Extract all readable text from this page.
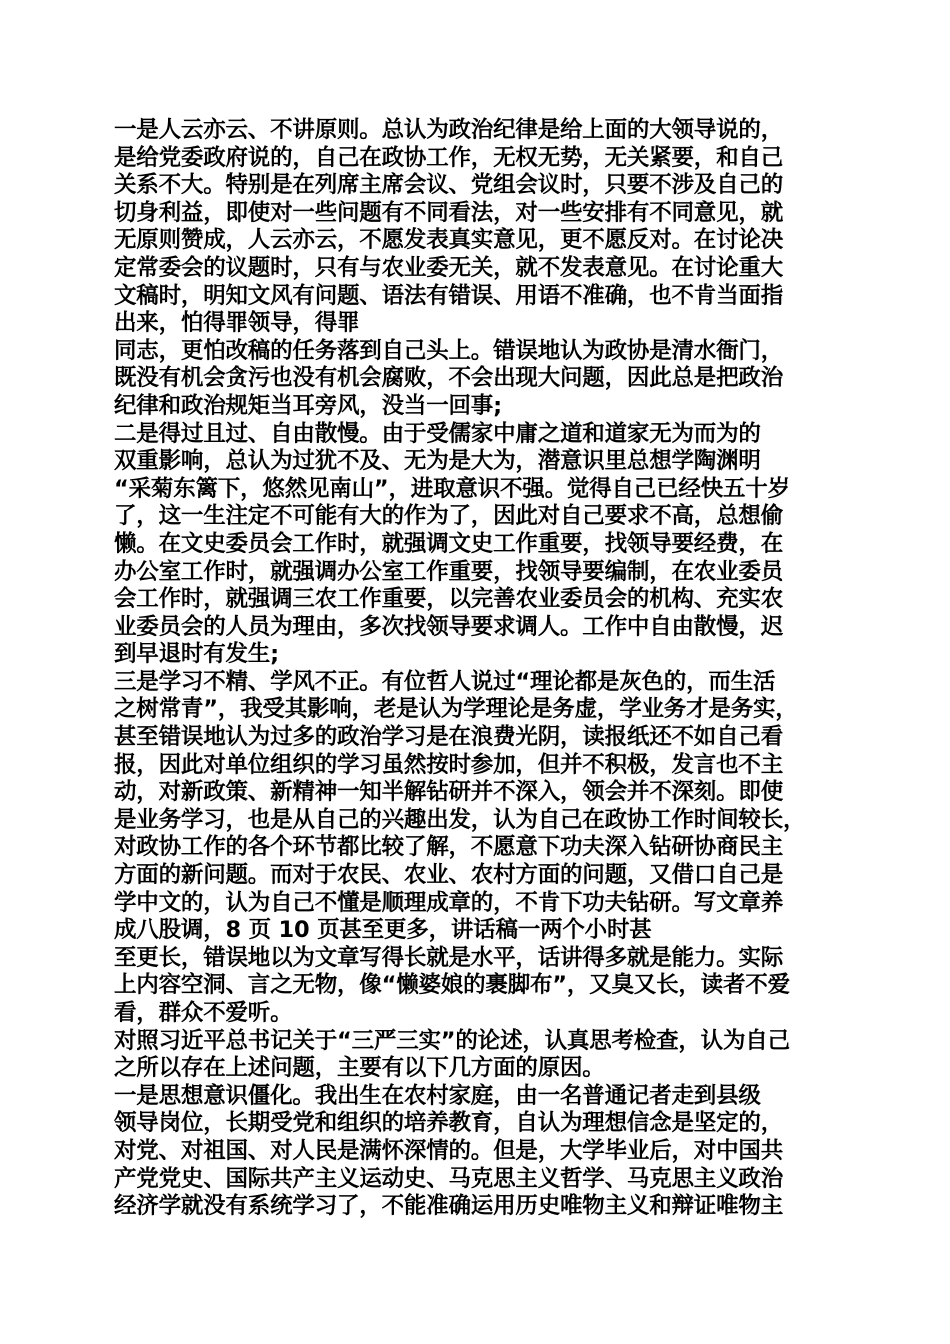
一是人云亦云、不讲原则。总认为政治纪律是给上面的大领导说的，
是给党委政府说的，自己在政协工作，无权无势，无关紧要，和自己
关系不大。特别是在列席主席会议、党组会议时，只要不涉及自己的
切身利益，即使对一些问题有不同看法，对一些安排有不同意见，就
无原则赞成，人云亦云，不愿发表真实意见，更不愿反对。在讨论决
定常委会的议题时，只有与农业委无关，就不发表意见。在讨论重大
文稿时，明知文风有问题、语法有错误、用语不准确，也不肯当面指
出来，怕得罪领导，得罪
同志，更怕改稿的任务落到自己头上。错误地认为政协是清水衙门，
既没有机会贪污也没有机会腐败，不会出现大问题，因此总是把政治
纪律和政治规矩当耳旁风，没当一回事;
二是得过且过、自由散慢。由于受儒家中庸之道和道家无为而为的
双重影响，总认为过犹不及、无为是大为，潜意识里总想学陶渊明
“采菊东篱下，悠然见南山”，进取意识不强。觉得自己已经快五十岁
了，这一生注定不可能有大的作为了，因此对自己要求不高，总想偷
懒。在文史委员会工作时，就强调文史工作重要，找领导要经费，在
办公室工作时，就强调办公室工作重要，找领导要编制，在农业委员
会工作时，就强调三农工作重要，以完善农业委员会的机构、充实农
业委员会的人员为理由，多次找领导要求调人。工作中自由散慢，迟
到早退时有发生;
三是学习不精、学风不正。有位哲人说过“理论都是灰色的，而生活
之树常青”，我受其影响，老是认为学理论是务虚，学业务才是务实，
甚至错误地认为过多的政治学习是在浪费光阴，读报纸还不如自己看
报，因此对单位组织的学习虽然按时参加，但并不积极，发言也不主
动，对新政策、新精神一知半解钻研并不深入，领会并不深刻。即使
是业务学习，也是从自己的兴趣出发，认为自己在政协工作时间较长，
对政协工作的各个环节都比较了解，不愿意下功夫深入钻研协商民主
方面的新问题。而对于农民、农业、农村方面的问题，又借口自己是
学中文的，认为自己不懂是顺理成章的，不肯下功夫钻研。写文章养
成八股调，8 页 10 页甚至更多，讲话稿一两个小时甚
至更长，错误地以为文章写得长就是水平，话讲得多就是能力。实际
上内容空洞、言之无物，像“懒婆娘的裹脚布”，又臭又长，读者不爱
看，群众不爱听。
对照习近平总书记关于“三严三实”的论述，认真思考检查，认为自己
之所以存在上述问题，主要有以下几方面的原因。
一是思想意识僵化。我出生在农村家庭，由一名普通记者走到县级
领导岗位，长期受党和组织的培养教育，自认为理想信念是坚定的，
对党、对祖国、对人民是满怀深情的。但是，大学毕业后，对中国共
产党党史、国际共产主义运动史、马克思主义哲学、马克思主义政治
经济学就没有系统学习了，不能准确运用历史唯物主义和辩证唯物主
